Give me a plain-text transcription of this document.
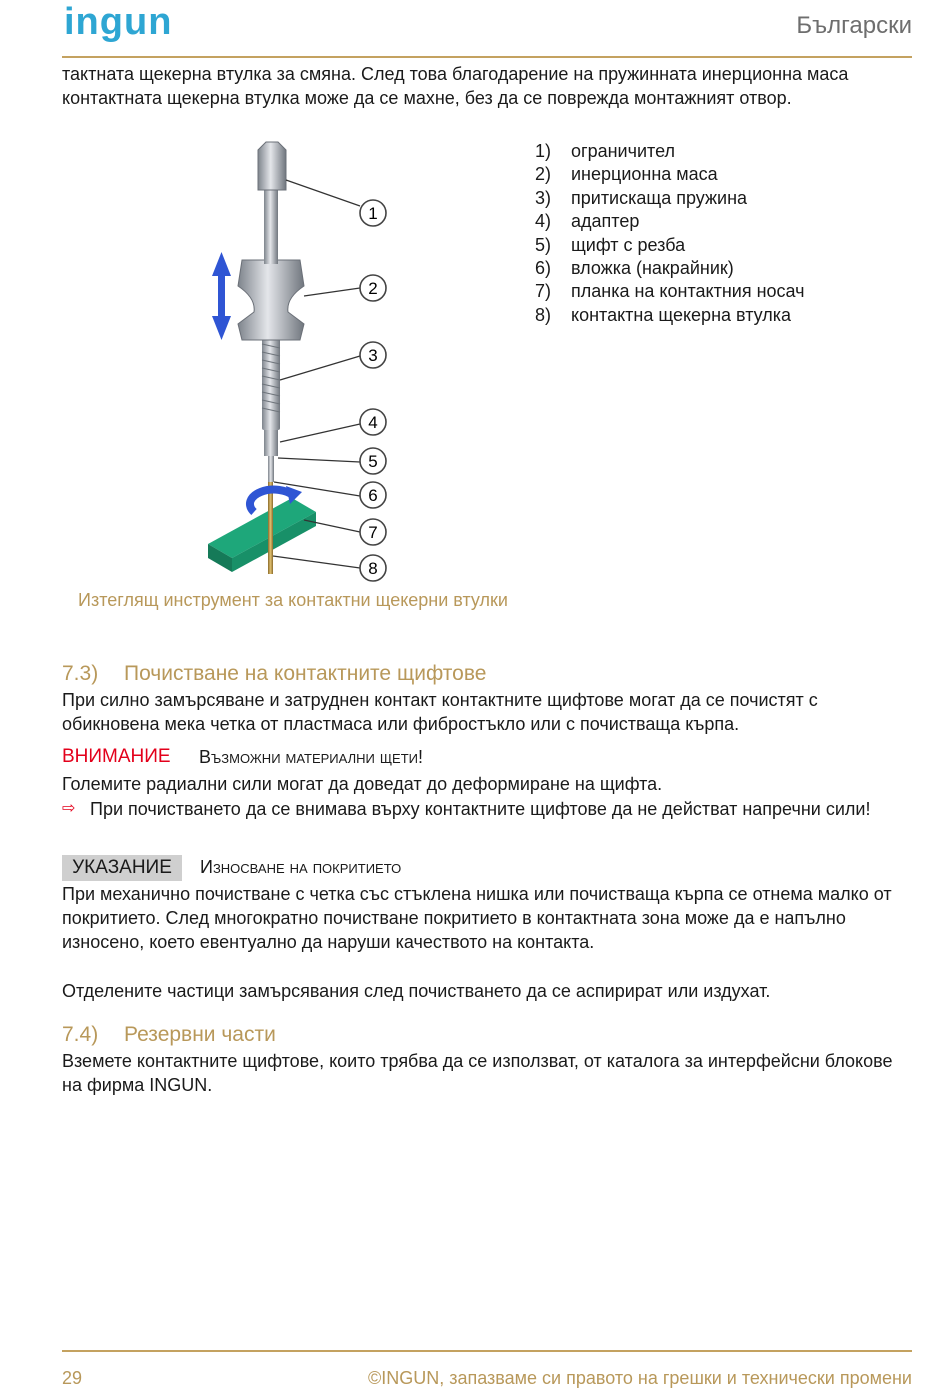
ingun	Български

тактната щекерна втулка за смяна. След това благодарение на пружинната инерционна маса контактната щекерна втулка може да се махне, без да се поврежда монтажният отвор.

1
2
3
4
5
6
7
8
1)	ограничител
2)	инерционна маса
3)	притискаща пружина
4)	адаптер
5)	щифт с резба
6)	вложка (накрайник)
7)	планка на контактния носач
8)	контактна щекерна втулка

Изтеглящ инструмент за контактни щекерни втулки

7.3) Почистване на контактните щифтове

При силно замърсяване и затруднен контакт контактните щифтове могат да се почистят с обикновена мека четка от пластмаса или фибростъкло или с почистваща кърпа.

ВНИМАНИЕ Възможни материални щети!

Големите радиални сили могат да доведат до деформиране на щифта.

⇨ При почистването да се внимава върху контактните щифтове да не действат напречни сили!

УКАЗАНИЕ	Износване на покритието

При механично почистване с четка със стъклена нишка или почистваща кърпа се отнема малко от покритието. След многократно почистване покритието в контактната зона може да е напълно износено, което евентуално да наруши качеството на контакта.

Отделените частици замърсявания след почистването да се аспирират или издухат.

7.4) Резервни части

Вземете контактните щифтове, които трябва да се използват, от каталога за интерфейсни блокове на фирма INGUN.

29	©INGUN, запазваме си правото на грешки и технически промени
